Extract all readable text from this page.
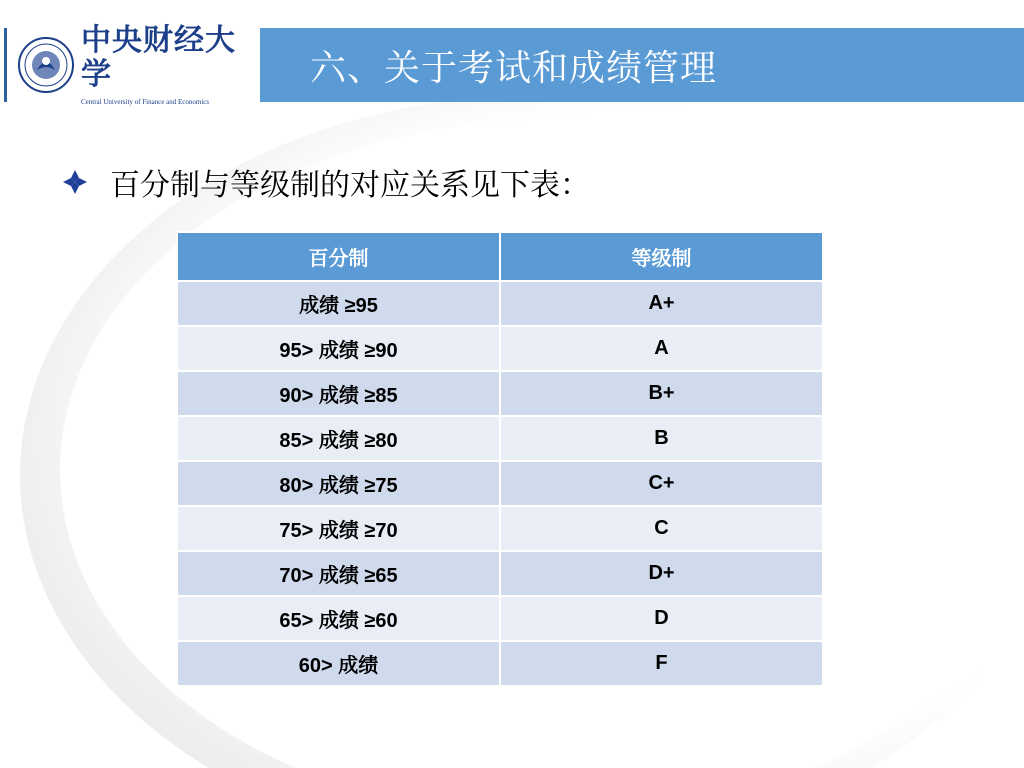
中央财经大学
Central University of Finance and Economics
六、关于考试和成绩管理
百分制与等级制的对应关系见下表：
百分制	等级制
成绩 ≥95	A+
95> 成绩 ≥90	A
90> 成绩 ≥85	B+
85> 成绩 ≥80	B
80> 成绩 ≥75	C+
75> 成绩 ≥70	C
70> 成绩 ≥65	D+
65> 成绩 ≥60	D
60> 成绩	F
